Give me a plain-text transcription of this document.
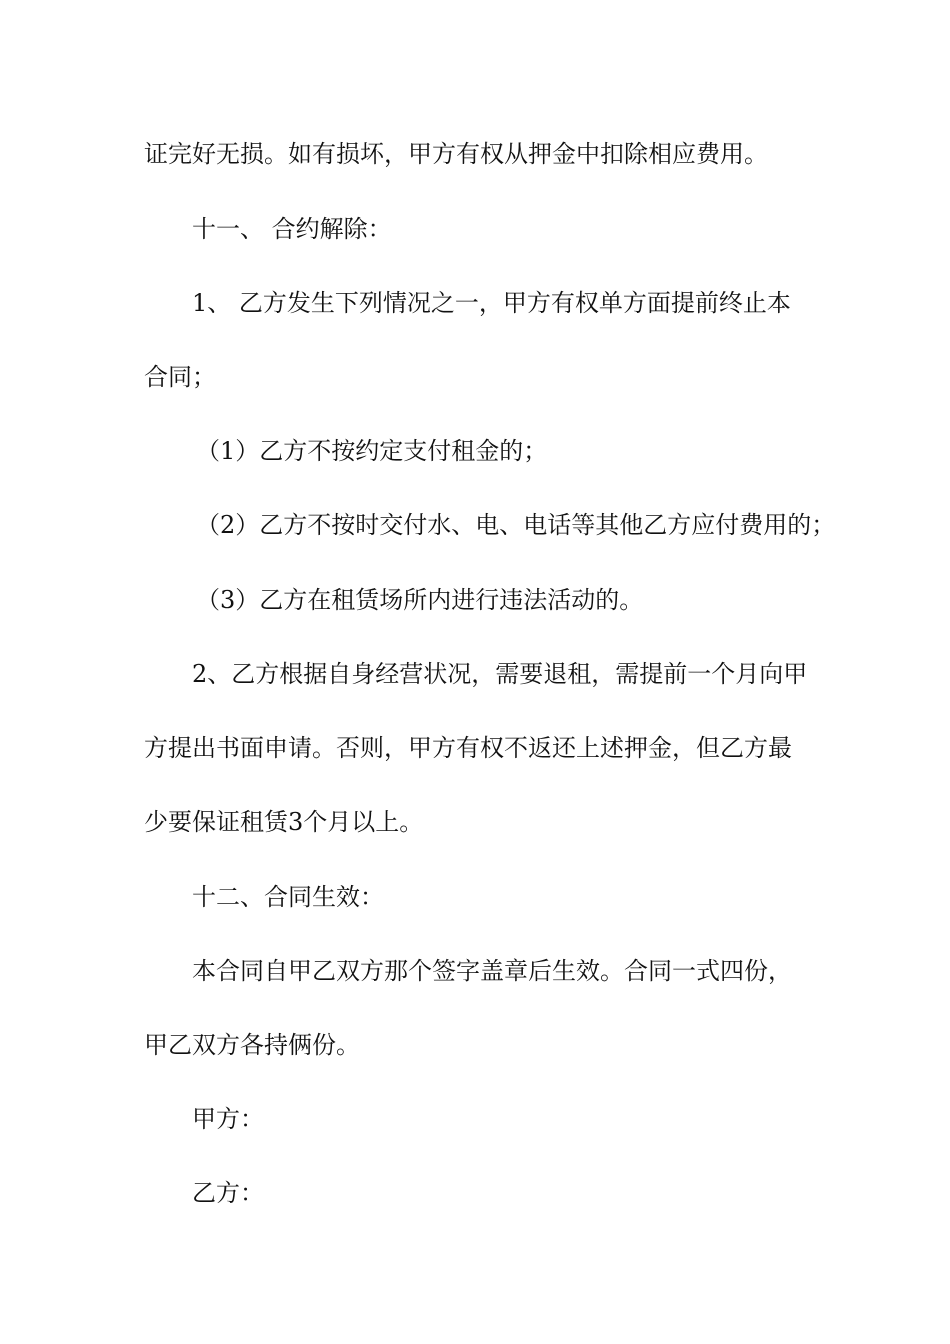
证完好无损。如有损坏，甲方有权从押金中扣除相应费用。
十一、 合约解除：
1、 乙方发生下列情况之一，甲方有权单方面提前终止本
合同；
（1）乙方不按约定支付租金的；
（2）乙方不按时交付水、电、电话等其他乙方应付费用的；
（3）乙方在租赁场所内进行违法活动的。
2、乙方根据自身经营状况，需要退租，需提前一个月向甲
方提出书面申请。否则，甲方有权不返还上述押金，但乙方最
少要保证租赁3个月以上。
十二、合同生效：
本合同自甲乙双方那个签字盖章后生效。合同一式四份，
甲乙双方各持俩份。
甲方：
乙方：
